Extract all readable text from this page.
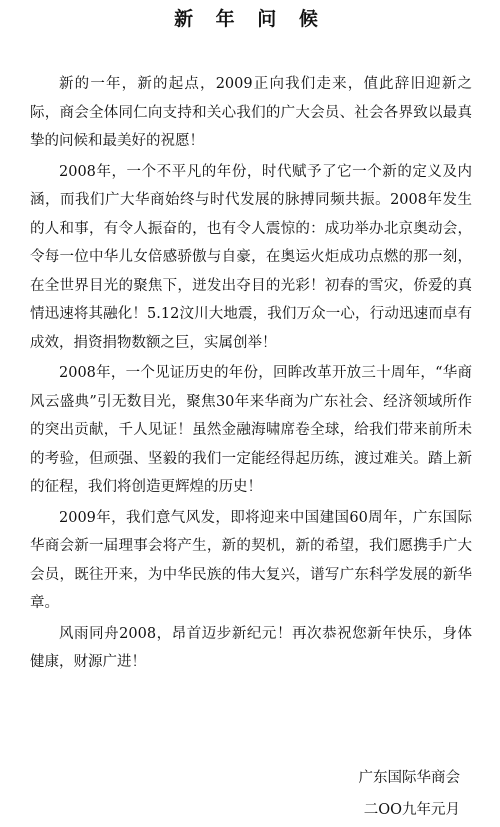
新 年 问 候

新的一年，新的起点，2009正向我们走来，值此辞旧迎新之际，商会全体同仁向支持和关心我们的广大会员、社会各界致以最真挚的问候和最美好的祝愿！

2008年，一个不平凡的年份，时代赋予了它一个新的定义及内涵，而我们广大华商始终与时代发展的脉搏同频共振。2008年发生的人和事，有令人振奋的，也有令人震惊的：成功举办北京奥动会，令每一位中华儿女倍感骄傲与自豪，在奥运火炬成功点燃的那一刻，在全世界目光的聚焦下，迸发出夺目的光彩！初春的雪灾，侨爱的真情迅速将其融化！5.12汶川大地震，我们万众一心，行动迅速而卓有成效，捐资捐物数额之巨，实属创举！

2008年，一个见证历史的年份，回眸改革开放三十周年，“华商风云盛典”引无数目光，聚焦30年来华商为广东社会、经济领域所作的突出贡献，千人见证！虽然金融海啸席卷全球，给我们带来前所未的考验，但顽强、坚毅的我们一定能经得起历练，渡过难关。踏上新的征程，我们将创造更辉煌的历史！

2009年，我们意气风发，即将迎来中国建国60周年，广东国际华商会新一届理事会将产生，新的契机，新的希望，我们愿携手广大会员，既往开来，为中华民族的伟大复兴，谱写广东科学发展的新华章。

风雨同舟2008，昂首迈步新纪元！再次恭祝您新年快乐，身体健康，财源广进！

广东国际华商会
二OO九年元月
